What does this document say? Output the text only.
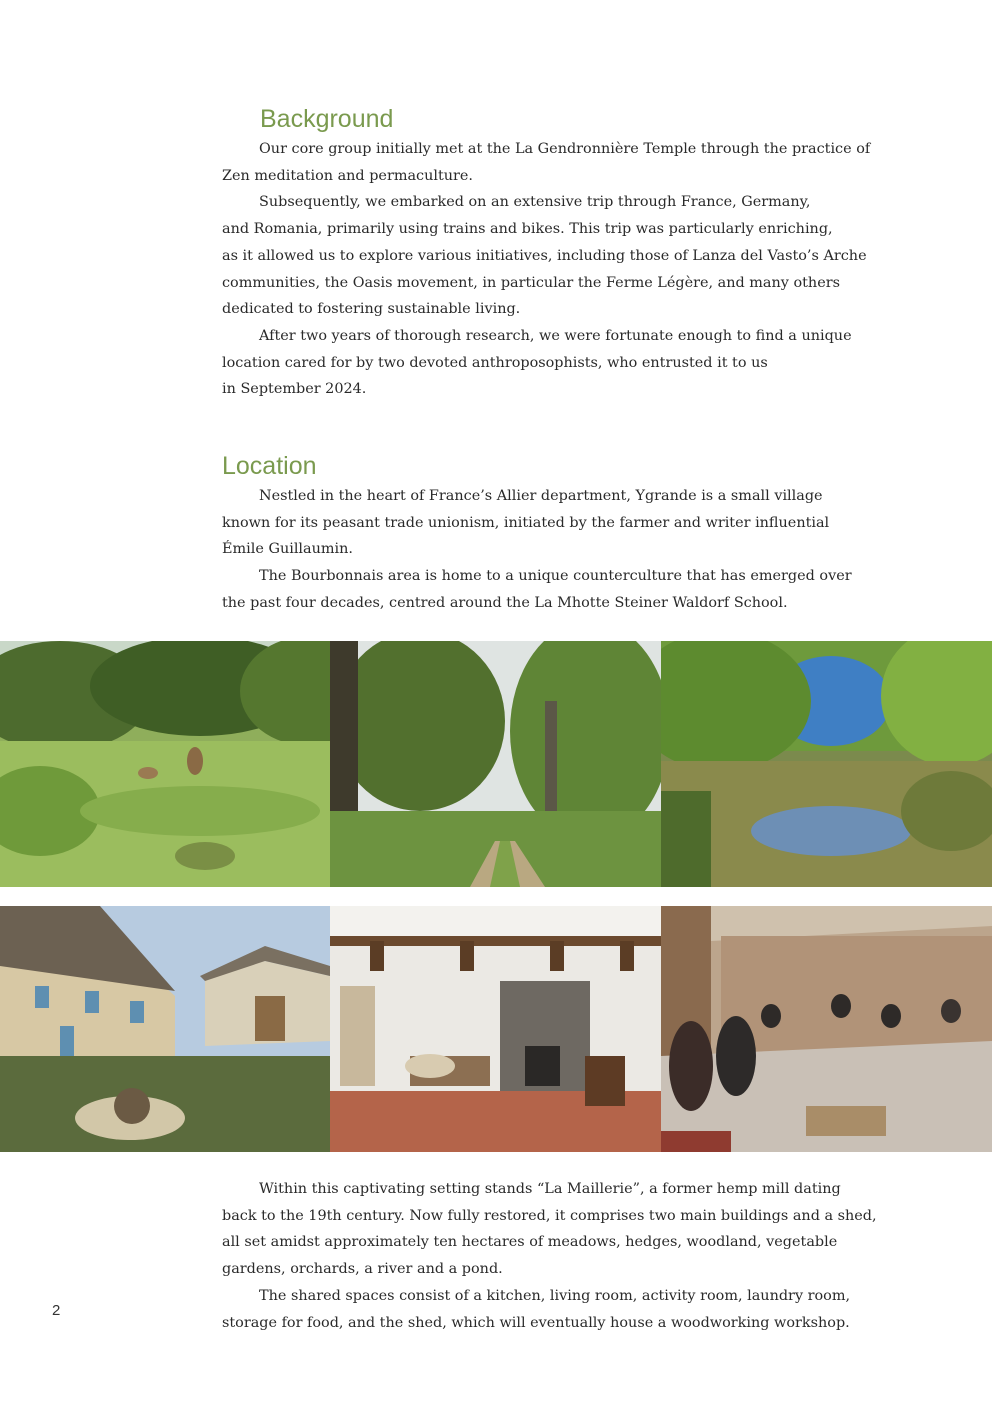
Background

Our core group initially met at the La Gendronnière Temple through the practice of
Zen meditation and permaculture.

Subsequently, we embarked on an extensive trip through France, Germany,
and Romania, primarily using trains and bikes. This trip was particularly enriching,
as it allowed us to explore various initiatives, including those of Lanza del Vasto’s Arche
communities, the Oasis movement, in particular the Ferme Légère, and many others
dedicated to fostering sustainable living.

After two years of thorough research, we were fortunate enough to find a unique
location cared for by two devoted anthroposophists, who entrusted it to us
in September 2024.

Location

Nestled in the heart of France’s Allier department, Ygrande is a small village
known for its peasant trade unionism, initiated by the farmer and writer influential
Émile Guillaumin.

The Bourbonnais area is home to a unique counterculture that has emerged over
the past four decades, centred around the La Mhotte Steiner Waldorf School.

Within this captivating setting stands “La Maillerie”, a former hemp mill dating
back to the 19th century. Now fully restored, it comprises two main buildings and a shed,
all set amidst approximately ten hectares of meadows, hedges, woodland, vegetable
gardens, orchards, a river and a pond.

The shared spaces consist of a kitchen, living room, activity room, laundry room,
storage for food, and the shed, which will eventually house a woodworking workshop.

2
